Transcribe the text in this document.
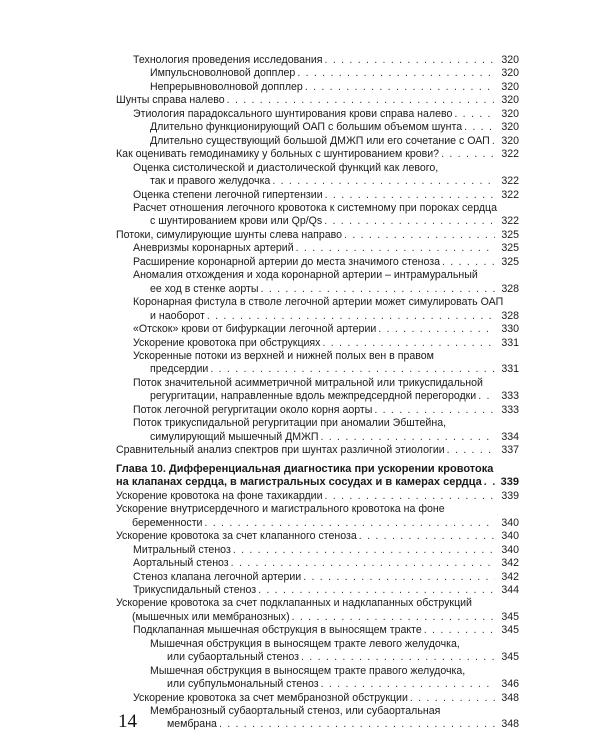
Технология проведения исследования . . .	320
Импульсноволновой допплер . . .	320
Непрерывноволновой допплер . . .	320
Шунты справа налево . . .	320
Этиология парадоксального шунтирования крови справа налево . . .	320
Длительно функционирующий ОАП с большим объемом шунта . . .	320
Длительно существующий большой ДМЖП или его сочетание с ОАП . . .	320
Как оценивать гемодинамику у больных с шунтированием крови? . . .	322
Оценка систолической и диастолической функций как левого,
так и правого желудочка . . .	322
Оценка степени легочной гипертензии . . .	322
Расчет отношения легочного кровотока к системному при пороках сердца
с шунтированием крови или Qp/Qs . . .	322
Потоки, симулирующие шунты слева направо . . .	325
Аневризмы коронарных артерий . . .	325
Расширение коронарной артерии до места значимого стеноза . . .	325
Аномалия отхождения и хода коронарной артерии – интрамуральный
ее ход в стенке аорты . . .	328
Коронарная фистула в стволе легочной артерии может симулировать ОАП
и наоборот . . .	328
«Отскок» крови от бифуркации легочной артерии . . .	330
Ускорение кровотока при обструкциях . . .	331
Ускоренные потоки из верхней и нижней полых вен в правом
предсердии . . .	331
Поток значительной асимметричной митральной или трикуспидальной
регургитации, направленные вдоль межпредсердной перегородки . . .	333
Поток легочной регургитации около корня аорты . . .	333
Поток трикуспидальной регургитации при аномалии Эбштейна,
симулирующий мышечный ДМЖП . . .	334
Сравнительный анализ спектров при шунтах различной этиологии . . .	337
Глава 10. Дифференциальная диагностика при ускорении кровотока
на клапанах сердца, в магистральных сосудах и в камерах сердца . . .	339
Ускорение кровотока на фоне тахикардии . . .	339
Ускорение внутрисердечного и магистрального кровотока на фоне
беременности . . .	340
Ускорение кровотока за счет клапанного стеноза . . .	340
Митральный стеноз . . .	340
Аортальный стеноз . . .	342
Стеноз клапана легочной артерии . . .	342
Трикуспидальный стеноз . . .	344
Ускорение кровотока за счет подклапанных и надклапанных обструкций
(мышечных или мембранозных) . . .	345
Подклапанная мышечная обструкция в выносящем тракте . . .	345
Мышечная обструкция в выносящем тракте левого желудочка,
или субаортальный стеноз . . .	345
Мышечная обструкция в выносящем тракте правого желудочка,
или субпульмональный стеноз . . .	346
Ускорение кровотока за счет мембранозной обструкции . . .	348
Мембранозный субаортальный стеноз, или субаортальная
мембрана . . .	348
14
